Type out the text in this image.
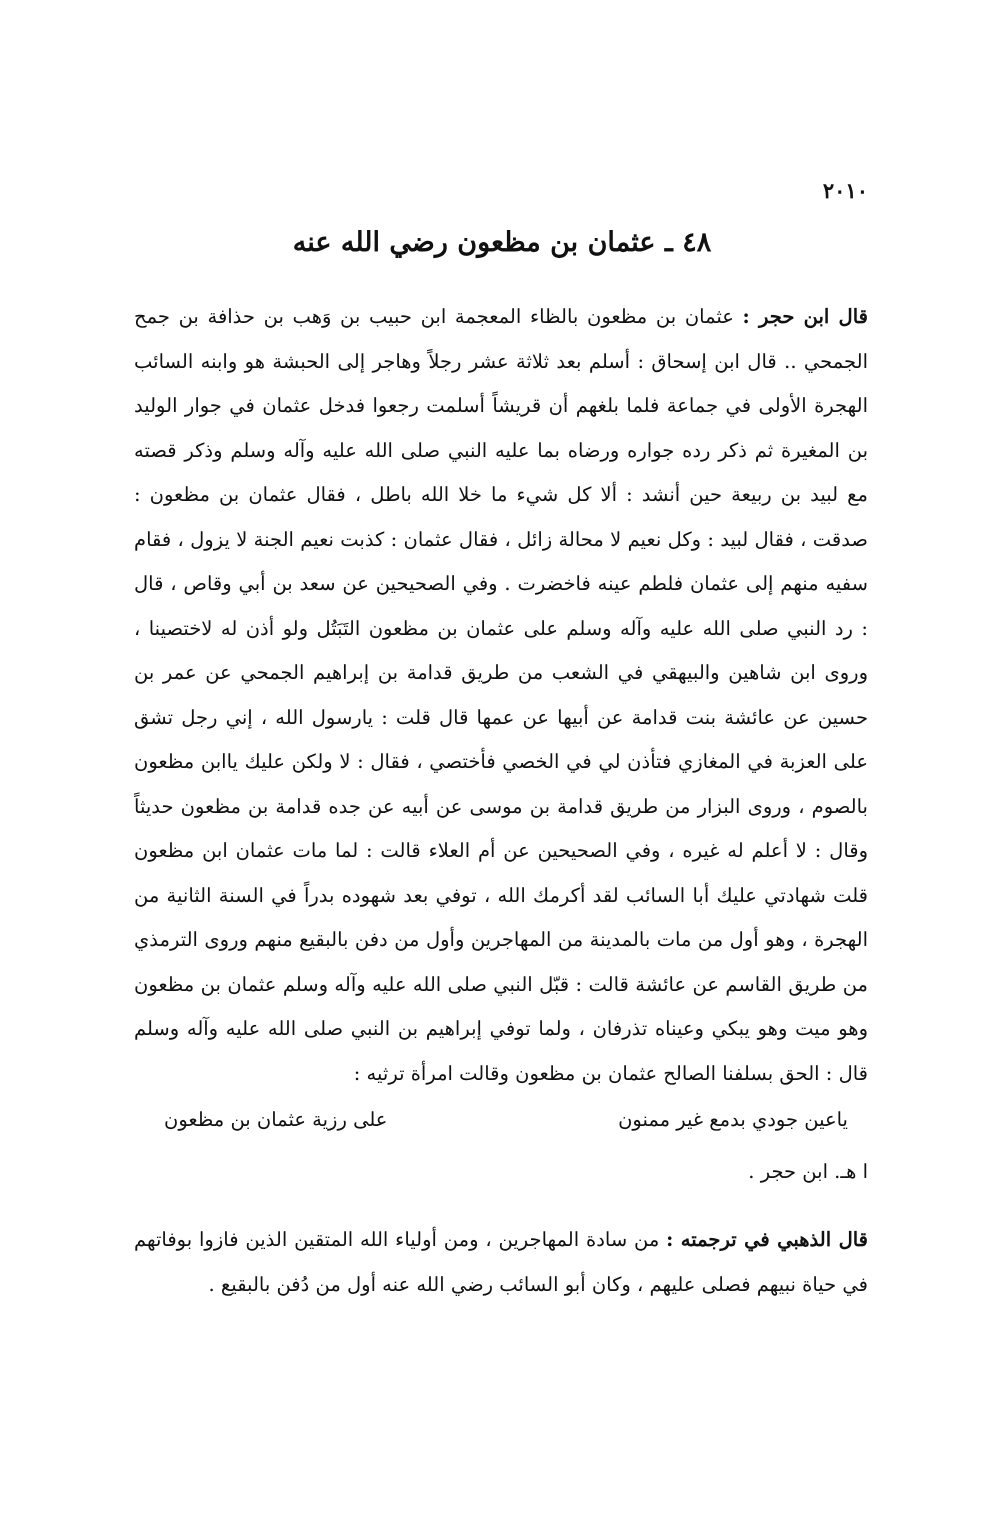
٢٠١٠
٤٨ ـ عثمان بن مظعون رضي الله عنه

قال ابن حجر : عثمان بن مظعون بالظاء المعجمة ابن حبيب بن وَهب بن حذافة بن جمح الجمحي .. قال ابن إسحاق : أسلم بعد ثلاثة عشر رجلاً وهاجر إلى الحبشة هو وابنه السائب الهجرة الأولى في جماعة فلما بلغهم أن قريشاً أسلمت رجعوا فدخل عثمان في جوار الوليد بن المغيرة ثم ذكر رده جواره ورضاه بما عليه النبي صلى الله عليه وآله وسلم وذكر قصته مع لبيد بن ربيعة حين أنشد : ألا كل شيء ما خلا الله باطل ، فقال عثمان بن مظعون : صدقت ، فقال لبيد : وكل نعيم لا محالة زائل ، فقال عثمان : كذبت نعيم الجنة لا يزول ، فقام سفيه منهم إلى عثمان فلطم عينه فاخضرت . وفي الصحيحين عن سعد بن أبي وقاص ، قال : رد النبي صلى الله عليه وآله وسلم على عثمان بن مظعون التَبَتُل ولو أذن له لاختصينا ، وروى ابن شاهين والبيهقي في الشعب من طريق قدامة بن إبراهيم الجمحي عن عمر بن حسين عن عائشة بنت قدامة عن أبيها عن عمها قال قلت : يارسول الله ، إني رجل تشق على العزبة في المغازي فتأذن لي في الخصي فأختصي ، فقال : لا ولكن عليك ياابن مظعون بالصوم ، وروى البزار من طريق قدامة بن موسى عن أبيه عن جده قدامة بن مظعون حديثاً وقال : لا أعلم له غيره ، وفي الصحيحين عن أم العلاء قالت : لما مات عثمان ابن مظعون قلت شهادتي عليك أبا السائب لقد أكرمك الله ، توفي بعد شهوده بدراً في السنة الثانية من الهجرة ، وهو أول من مات بالمدينة من المهاجرين وأول من دفن بالبقيع منهم وروى الترمذي من طريق القاسم عن عائشة قالت : قبّل النبي صلى الله عليه وآله وسلم عثمان بن مظعون وهو ميت وهو يبكي وعيناه تذرفان ، ولما توفي إبراهيم بن النبي صلى الله عليه وآله وسلم قال : الحق بسلفنا الصالح عثمان بن مظعون وقالت امرأة ترثيه :

ياعين جودي بدمع غير ممنون
على رزية عثمان بن مظعون
ا هـ. ابن حجر .

قال الذهبي في ترجمته : من سادة المهاجرين ، ومن أولياء الله المتقين الذين فازوا بوفاتهم في حياة نبيهم فصلى عليهم ، وكان أبو السائب رضي الله عنه أول من دُفن بالبقيع .
